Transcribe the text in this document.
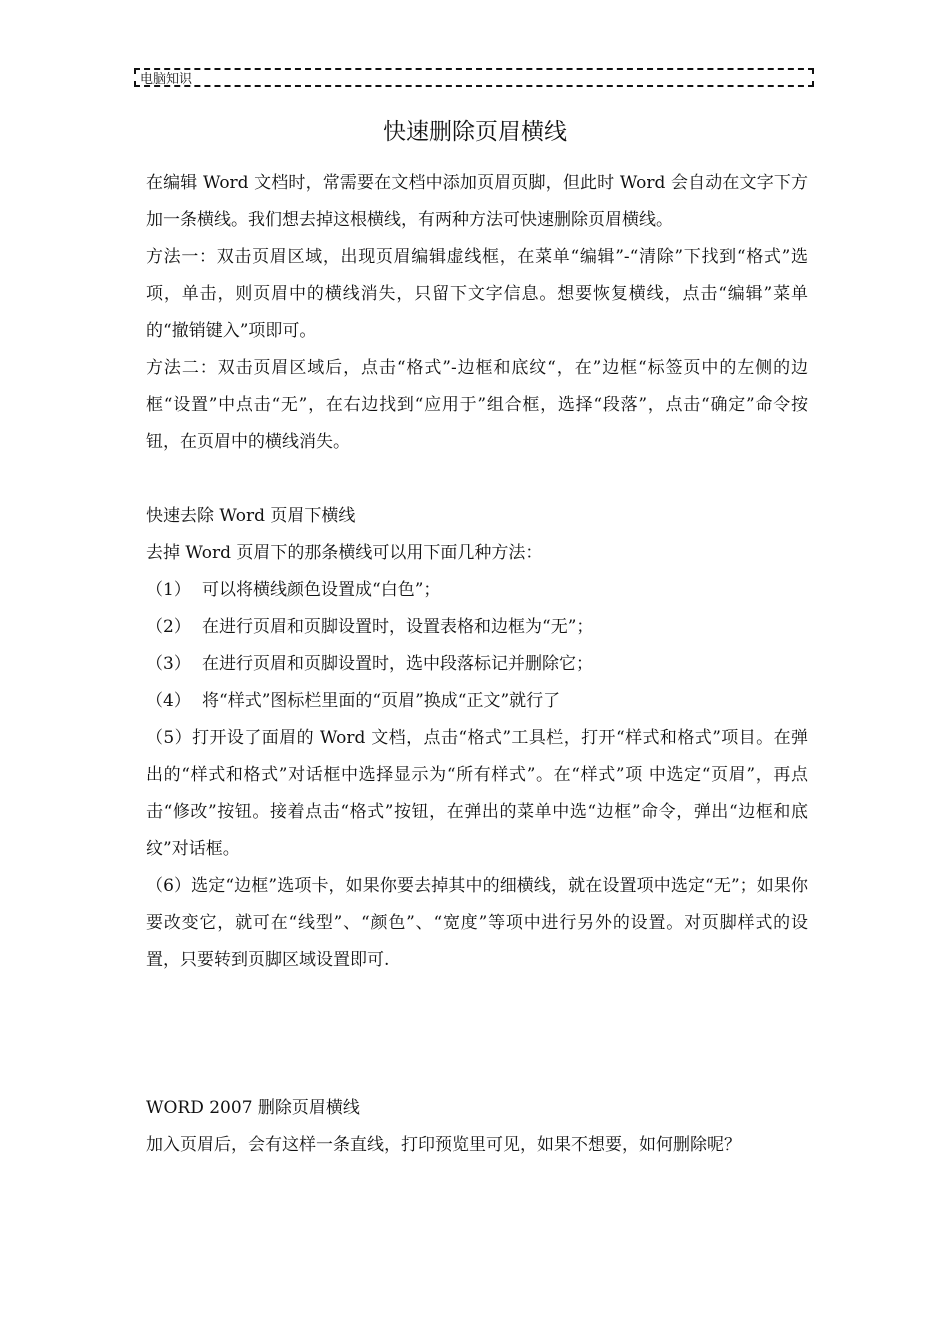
电脑知识
快速删除页眉横线

在编辑 Word 文档时，常需要在文档中添加页眉页脚，但此时 Word 会自动在文字下方加一条横线。我们想去掉这根横线，有两种方法可快速删除页眉横线。

方法一：双击页眉区域，出现页眉编辑虚线框，在菜单“编辑”-“清除”下找到“格式”选项，单击，则页眉中的横线消失，只留下文字信息。想要恢复横线，点击“编辑”菜单的“撤销键入”项即可。

方法二：双击页眉区域后，点击“格式”-边框和底纹“，在”边框“标签页中的左侧的边框“设置”中点击“无”，在右边找到“应用于”组合框，选择“段落”，点击“确定”命令按钮，在页眉中的横线消失。

快速去除 Word 页眉下横线

去掉 Word 页眉下的那条横线可以用下面几种方法：

（1） 可以将横线颜色设置成“白色”；
（2） 在进行页眉和页脚设置时，设置表格和边框为“无”；
（3） 在进行页眉和页脚设置时，选中段落标记并删除它；
（4） 将“样式”图标栏里面的“页眉”换成“正文”就行了

（5）打开设了面眉的 Word 文档，点击“格式”工具栏，打开“样式和格式”项目。在弹出的“样式和格式”对话框中选择显示为“所有样式”。在“样式”项 中选定“页眉”，再点击“修改”按钮。接着点击“格式”按钮，在弹出的菜单中选“边框”命令，弹出“边框和底纹”对话框。

（6）选定“边框”选项卡，如果你要去掉其中的细横线，就在设置项中选定“无”；如果你要改变它，就可在“线型”、“颜色”、“宽度”等项中进行另外的设置。对页脚样式的设置，只要转到页脚区域设置即可.

WORD 2007 删除页眉横线

加入页眉后，会有这样一条直线，打印预览里可见，如果不想要，如何删除呢？
